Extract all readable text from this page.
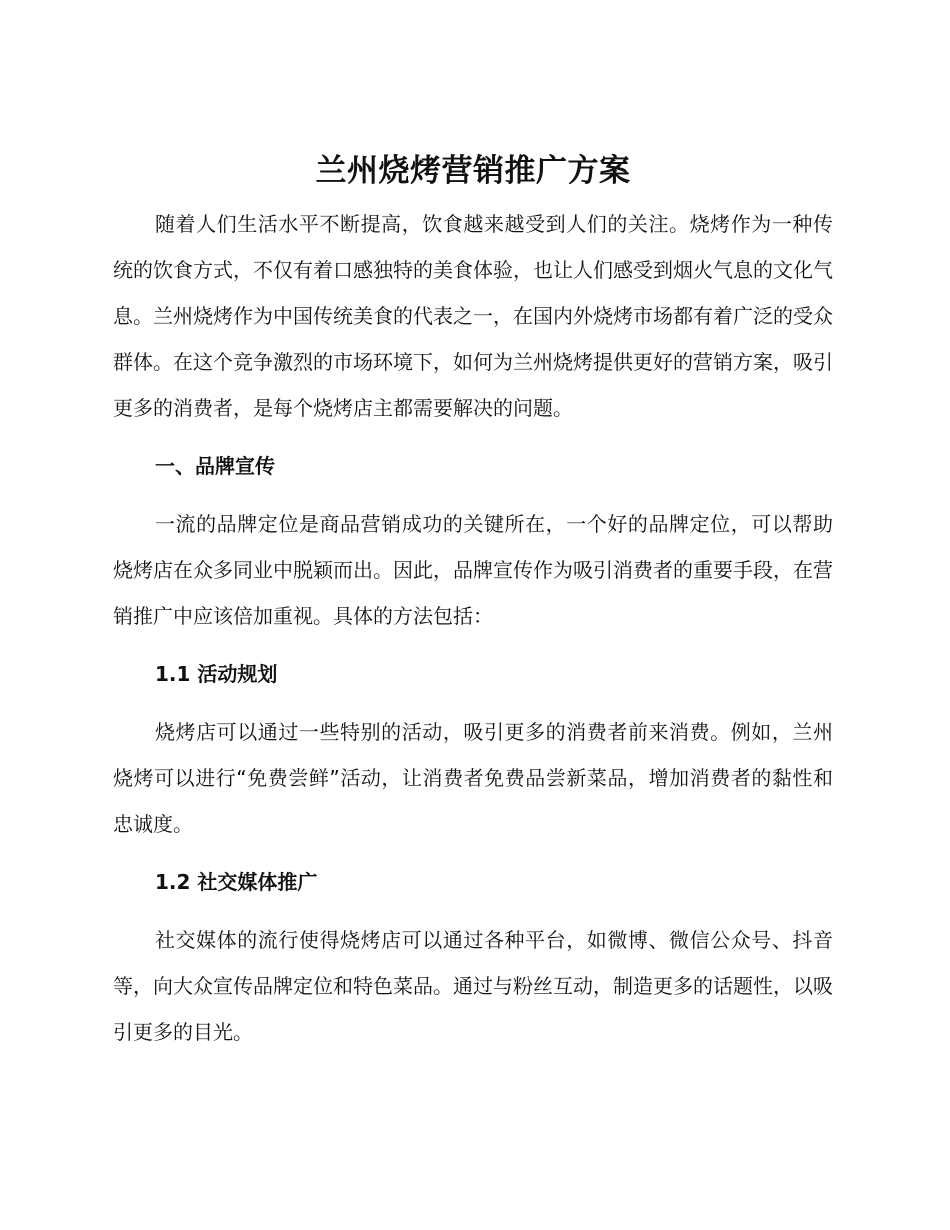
兰州烧烤营销推广方案

随着人们生活水平不断提高，饮食越来越受到人们的关注。烧烤作为一种传统的饮食方式，不仅有着口感独特的美食体验，也让人们感受到烟火气息的文化气息。兰州烧烤作为中国传统美食的代表之一，在国内外烧烤市场都有着广泛的受众群体。在这个竞争激烈的市场环境下，如何为兰州烧烤提供更好的营销方案，吸引更多的消费者，是每个烧烤店主都需要解决的问题。

一、品牌宣传

一流的品牌定位是商品营销成功的关键所在，一个好的品牌定位，可以帮助烧烤店在众多同业中脱颖而出。因此，品牌宣传作为吸引消费者的重要手段，在营销推广中应该倍加重视。具体的方法包括：

1.1 活动规划

烧烤店可以通过一些特别的活动，吸引更多的消费者前来消费。例如，兰州烧烤可以进行“免费尝鲜”活动，让消费者免费品尝新菜品，增加消费者的黏性和忠诚度。

1.2 社交媒体推广

社交媒体的流行使得烧烤店可以通过各种平台，如微博、微信公众号、抖音等，向大众宣传品牌定位和特色菜品。通过与粉丝互动，制造更多的话题性，以吸引更多的目光。
